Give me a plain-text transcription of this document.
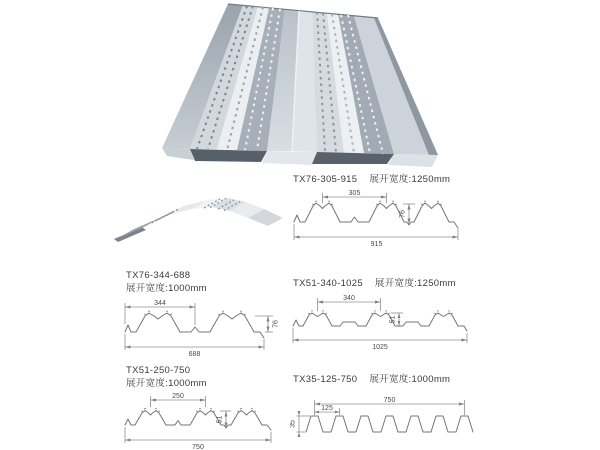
TX76-305-915 展开宽度:1250mm
305
76
915
TX76-344-688
展开宽度:1000mm
344
76
688
TX51-340-1025 展开宽度:1250mm
340
51
1025
TX51-250-750
展开宽度:1000mm
250
51
750
TX35-125-750 展开宽度:1000mm
750
125
35
